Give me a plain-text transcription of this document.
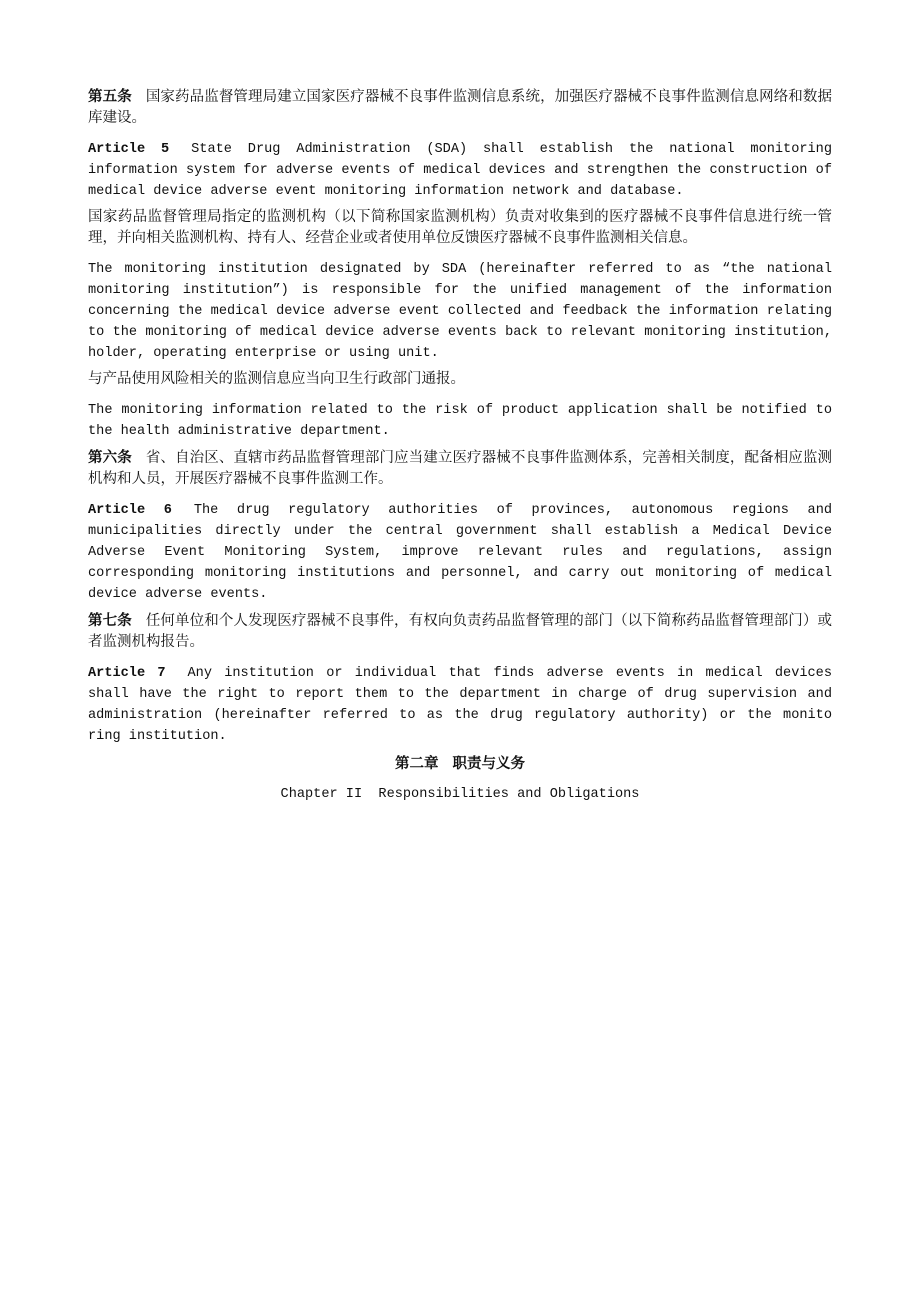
第五条 国家药品监督管理局建立国家医疗器械不良事件监测信息系统，加强医疗器械不良事件监测信息网络和数据库建设。

Article 5 State Drug Administration (SDA) shall establish the national monitoring information system for adverse events of medical devices and strengthen the construction of medical device adverse event monitoring information network and database.

国家药品监督管理局指定的监测机构（以下简称国家监测机构）负责对收集到的医疗器械不良事件信息进行统一管理，并向相关监测机构、持有人、经营企业或者使用单位反馈医疗器械不良事件监测相关信息。

The monitoring institution designated by SDA (hereinafter referred to as “the national monitoring institution”) is responsible for the unified management of the information concerning the medical device adverse event collected and feedback the information relating to the monitoring of medical device adverse events back to relevant monitoring institution, holder, operating enterprise or using unit.

与产品使用风险相关的监测信息应当向卫生行政部门通报。

The monitoring information related to the risk of product application shall be notified to the health administrative department.

第六条 省、自治区、直辖市药品监督管理部门应当建立医疗器械不良事件监测体系，完善相关制度，配备相应监测机构和人员，开展医疗器械不良事件监测工作。

Article 6 The drug regulatory authorities of provinces, autonomous regions and municipalities directly under the central government shall establish a Medical Device Adverse Event Monitoring System, improve relevant rules and regulations, assign corresponding monitoring institutions and personnel, and carry out monitoring of medical device adverse events.

第七条 任何单位和个人发现医疗器械不良事件，有权向负责药品监督管理的部门（以下简称药品监督管理部门）或者监测机构报告。

Article 7 Any institution or individual that finds adverse events in medical devices shall have the right to report them to the department in charge of drug supervision and administration (hereinafter referred to as the drug regulatory authority) or the monito ring institution.

第二章 职责与义务
Chapter II  Responsibilities and Obligations
